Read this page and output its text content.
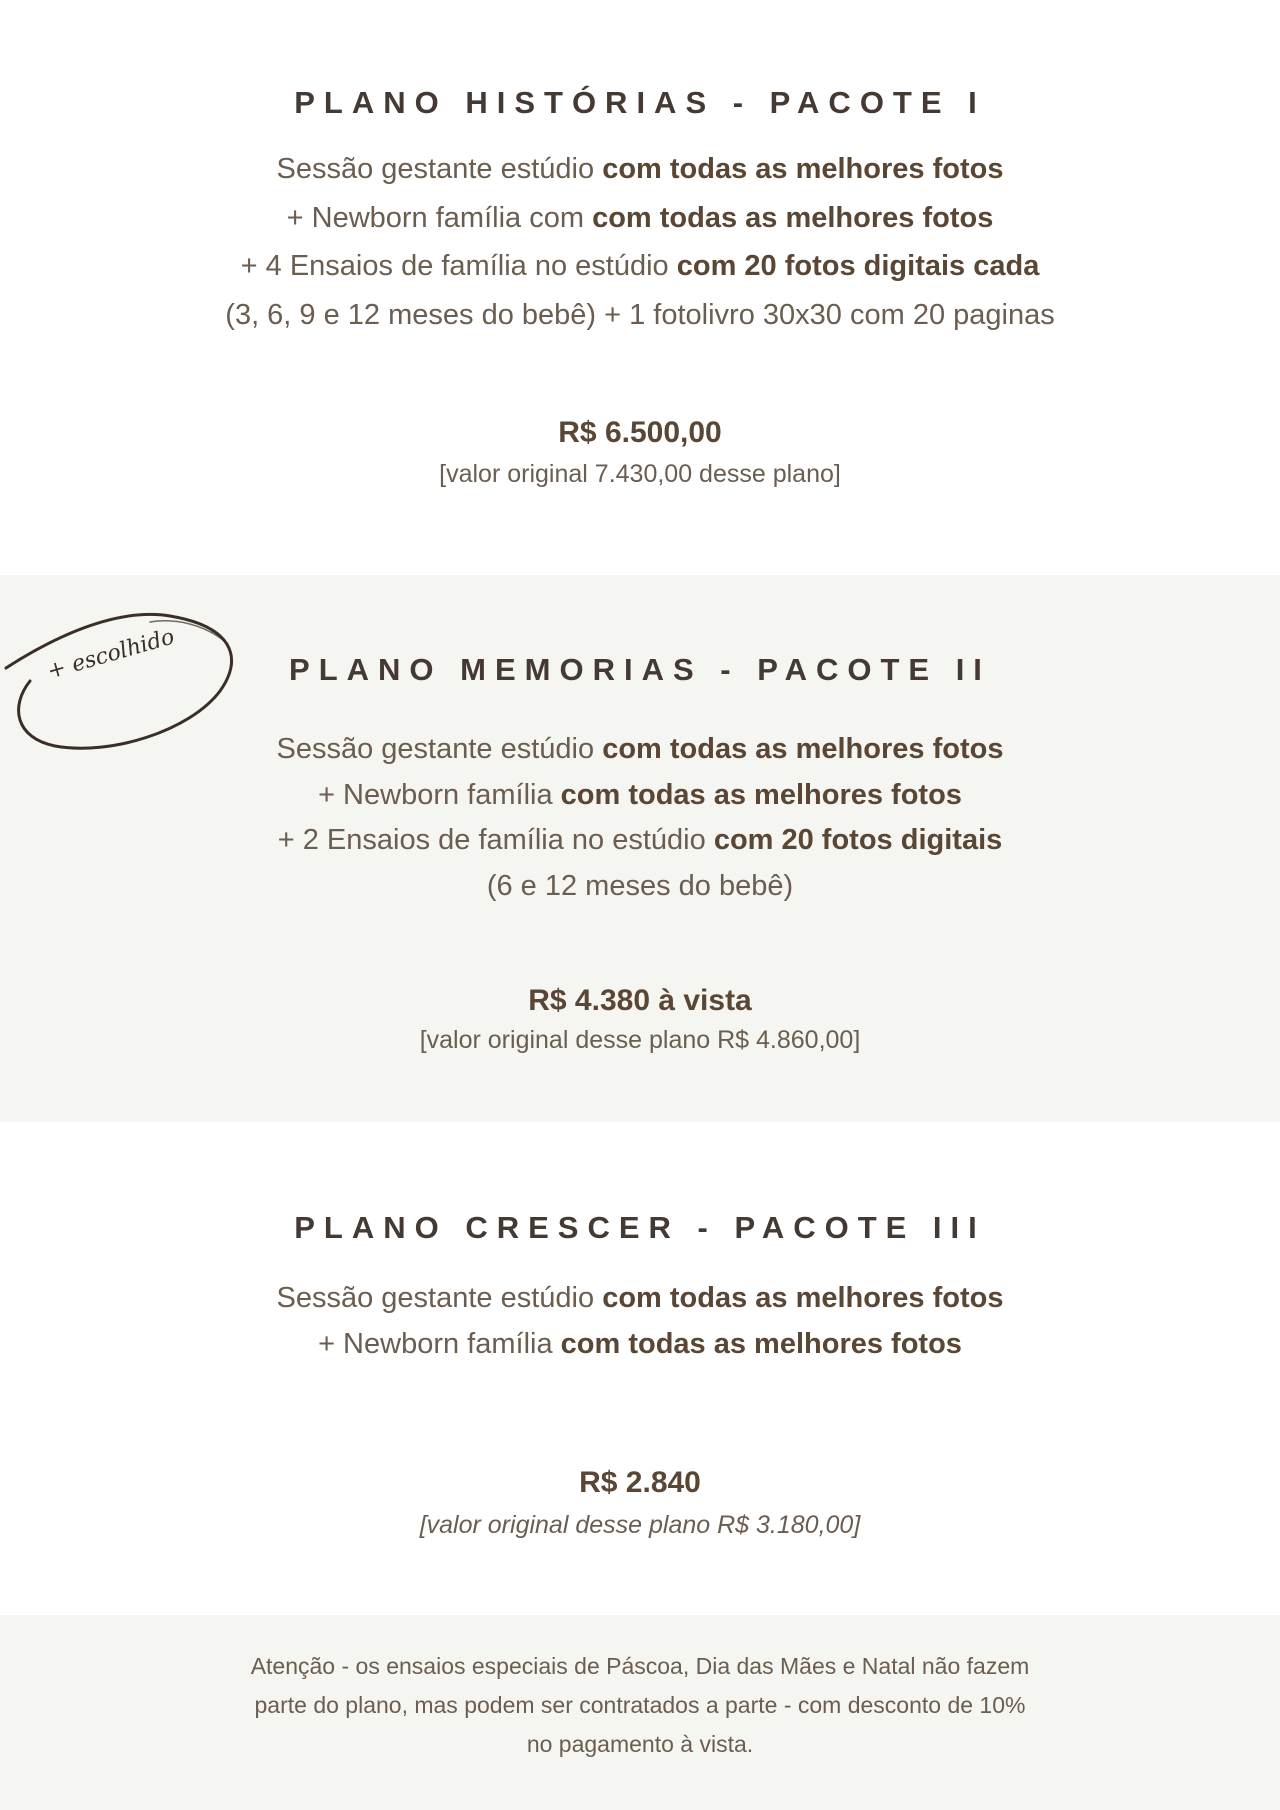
PLANO HISTÓRIAS - PACOTE I
Sessão gestante estúdio com todas as melhores fotos
+ Newborn família com com todas as melhores fotos
+ 4 Ensaios de família no estúdio com 20 fotos digitais cada
(3, 6, 9 e 12 meses do bebê) + 1 fotolivro 30x30 com 20 paginas
R$ 6.500,00
[valor original 7.430,00 desse plano]
+ escolhido	PLANO MEMORIAS - PACOTE II
Sessão gestante estúdio com todas as melhores fotos
+ Newborn família com todas as melhores fotos
+ 2 Ensaios de família no estúdio com 20 fotos digitais
(6 e 12 meses do bebê)
R$ 4.380 à vista
[valor original desse plano R$ 4.860,00]
PLANO CRESCER - PACOTE III
Sessão gestante estúdio com todas as melhores fotos
+ Newborn família com todas as melhores fotos
R$ 2.840
[valor original desse plano R$ 3.180,00]
Atenção - os ensaios especiais de Páscoa, Dia das Mães e Natal não fazem
parte do plano, mas podem ser contratados a parte - com desconto de 10%
no pagamento à vista.
